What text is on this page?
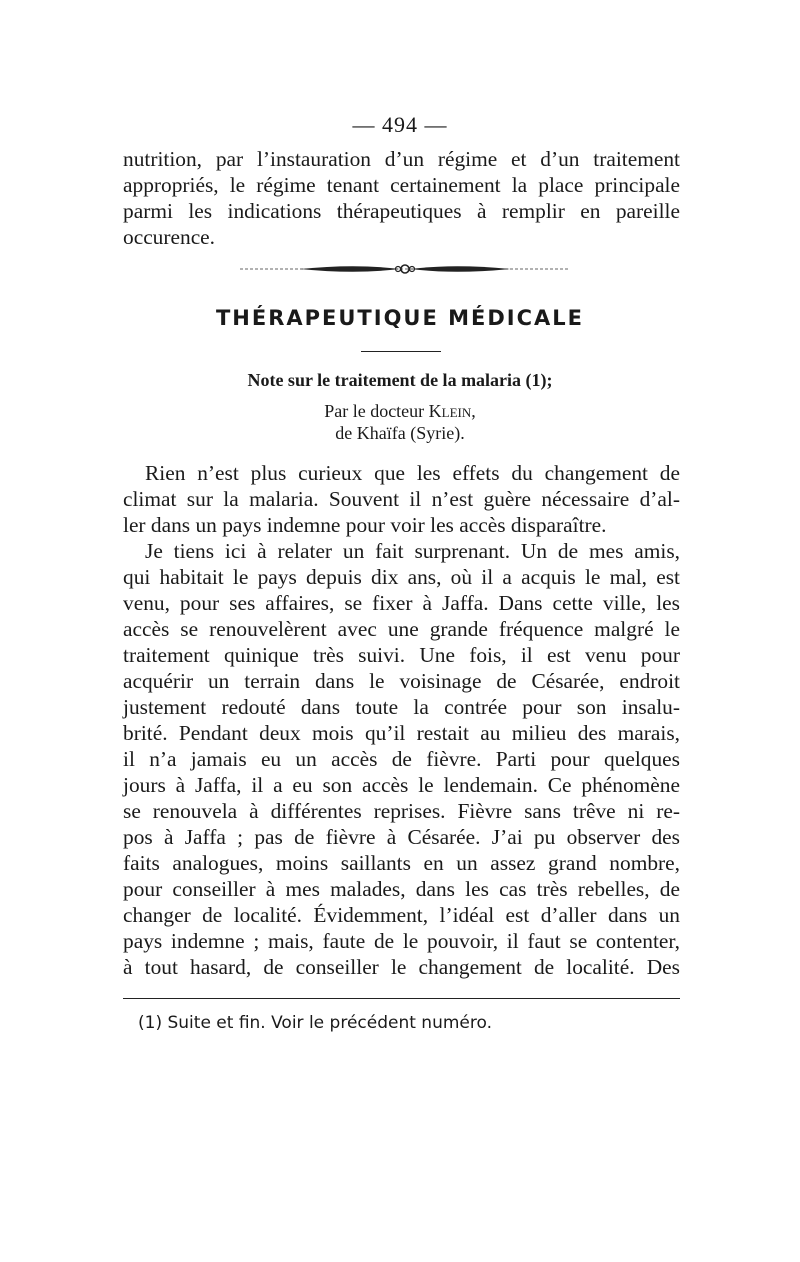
— 494 —

nutrition, par l’instauration d’un régime et d’un traitement
appropriés, le régime tenant certainement la place principale
parmi les indications thérapeutiques à remplir en pareille
occurence.

THÉRAPEUTIQUE MÉDICALE
Note sur le traitement de la malaria (1);
Par le docteur Klein,
de Khaïfa (Syrie).

Rien n’est plus curieux que les effets du changement de
climat sur la malaria. Souvent il n’est guère nécessaire d’al-
ler dans un pays indemne pour voir les accès disparaître.

Je tiens ici à relater un fait surprenant. Un de mes amis,
qui habitait le pays depuis dix ans, où il a acquis le mal, est
venu, pour ses affaires, se fixer à Jaffa. Dans cette ville, les
accès se renouvelèrent avec une grande fréquence malgré le
traitement quinique très suivi. Une fois, il est venu pour
acquérir un terrain dans le voisinage de Césarée, endroit
justement redouté dans toute la contrée pour son insalu-
brité. Pendant deux mois qu’il restait au milieu des marais,
il n’a jamais eu un accès de fièvre. Parti pour quelques
jours à Jaffa, il a eu son accès le lendemain. Ce phénomène
se renouvela à différentes reprises. Fièvre sans trêve ni re-
pos à Jaffa ; pas de fièvre à Césarée. J’ai pu observer des
faits analogues, moins saillants en un assez grand nombre,
pour conseiller à mes malades, dans les cas très rebelles, de
changer de localité. Évidemment, l’idéal est d’aller dans un
pays indemne ; mais, faute de le pouvoir, il faut se contenter,
à tout hasard, de conseiller le changement de localité. Des

(1) Suite et fin. Voir le précédent numéro.
